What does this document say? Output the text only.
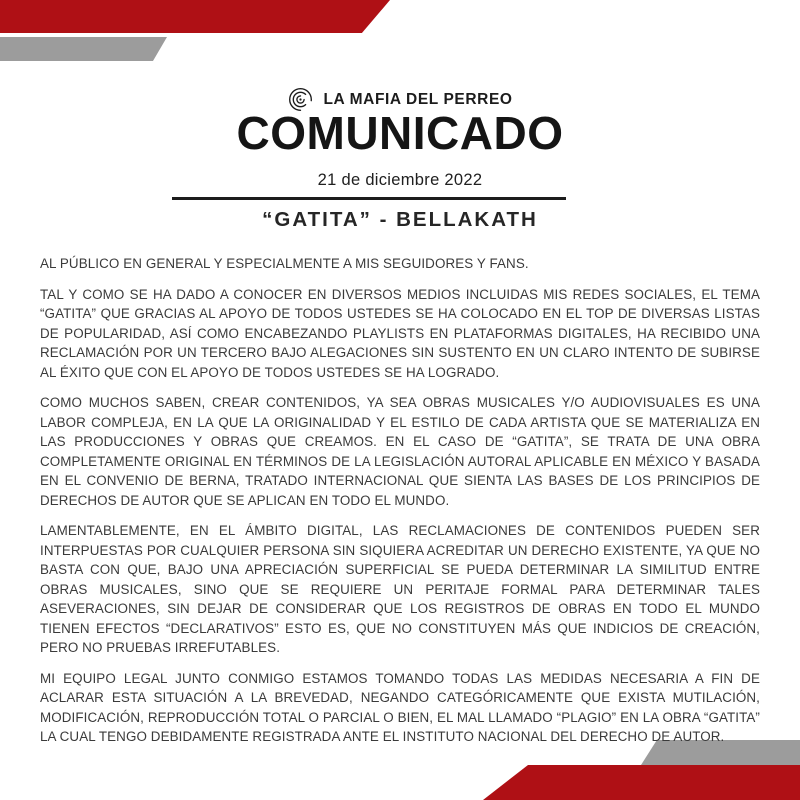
LA MAFIA DEL PERREO
COMUNICADO
21 de diciembre 2022
“GATITA” - BELLAKATH

AL PÚBLICO EN GENERAL Y ESPECIALMENTE A MIS SEGUIDORES Y FANS.

TAL Y COMO SE HA DADO A CONOCER EN DIVERSOS MEDIOS INCLUIDAS MIS REDES SOCIALES, EL TEMA “GATITA” QUE GRACIAS AL APOYO DE TODOS USTEDES SE HA COLOCADO EN EL TOP DE DIVERSAS LISTAS DE POPULARIDAD, ASÍ COMO ENCABEZANDO PLAYLISTS EN PLATAFORMAS DIGITALES, HA RECIBIDO UNA RECLAMACIÓN POR UN TERCERO BAJO ALEGACIONES SIN SUSTENTO EN UN CLARO INTENTO DE SUBIRSE AL ÉXITO QUE CON EL APOYO DE TODOS USTEDES SE HA LOGRADO.

COMO MUCHOS SABEN, CREAR CONTENIDOS, YA SEA OBRAS MUSICALES Y/O AUDIOVISUALES ES UNA LABOR COMPLEJA, EN LA QUE LA ORIGINALIDAD Y EL ESTILO DE CADA ARTISTA QUE SE MATERIALIZA EN LAS PRODUCCIONES Y OBRAS QUE CREAMOS. EN EL CASO DE “GATITA”, SE TRATA DE UNA OBRA COMPLETAMENTE ORIGINAL EN TÉRMINOS DE LA LEGISLACIÓN AUTORAL APLICABLE EN MÉXICO Y BASADA EN EL CONVENIO DE BERNA, TRATADO INTERNACIONAL QUE SIENTA LAS BASES DE LOS PRINCIPIOS DE DERECHOS DE AUTOR QUE SE APLICAN EN TODO EL MUNDO.

LAMENTABLEMENTE, EN EL ÁMBITO DIGITAL, LAS RECLAMACIONES DE CONTENIDOS PUEDEN SER INTERPUESTAS POR CUALQUIER PERSONA SIN SIQUIERA ACREDITAR UN DERECHO EXISTENTE, YA QUE NO BASTA CON QUE, BAJO UNA APRECIACIÓN SUPERFICIAL SE PUEDA DETERMINAR LA SIMILITUD ENTRE OBRAS MUSICALES, SINO QUE SE REQUIERE UN PERITAJE FORMAL PARA DETERMINAR TALES ASEVERACIONES, SIN DEJAR DE CONSIDERAR QUE LOS REGISTROS DE OBRAS EN TODO EL MUNDO TIENEN EFECTOS “DECLARATIVOS” ESTO ES, QUE NO CONSTITUYEN MÁS QUE INDICIOS DE CREACIÓN, PERO NO PRUEBAS IRREFUTABLES.

MI EQUIPO LEGAL JUNTO CONMIGO ESTAMOS TOMANDO TODAS LAS MEDIDAS NECESARIA A FIN DE ACLARAR ESTA SITUACIÓN A LA BREVEDAD, NEGANDO CATEGÓRICAMENTE QUE EXISTA MUTILACIÓN, MODIFICACIÓN, REPRODUCCIÓN TOTAL O PARCIAL O BIEN, EL MAL LLAMADO “PLAGIO” EN LA OBRA “GATITA” LA CUAL TENGO DEBIDAMENTE REGISTRADA ANTE EL INSTITUTO NACIONAL DEL DERECHO DE AUTOR.
